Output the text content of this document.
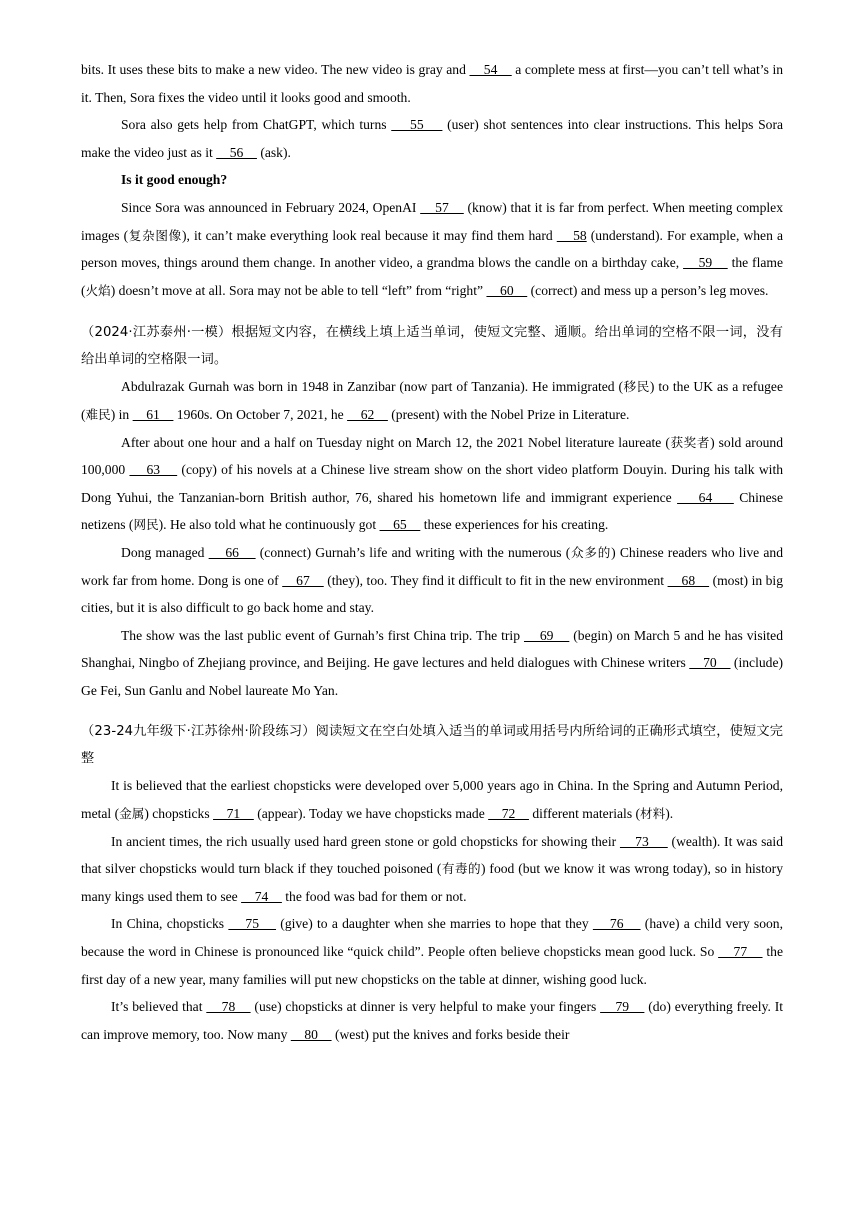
bits. It uses these bits to make a new video. The new video is gray and     54     a complete mess at first—you can’t tell what’s in it. Then, Sora fixes the video until it looks good and smooth.

Sora also gets help from ChatGPT, which turns     55     (user) shot sentences into clear instructions. This helps Sora make the video just as it     56     (ask).

Is it good enough?

Since Sora was announced in February 2024, OpenAI     57     (know) that it is far from perfect. When meeting complex images (复杂图像), it can’t make everything look real because it may find them hard     58 (understand). For example, when a person moves, things around them change. In another video, a grandma blows the candle on a birthday cake,     59     the flame (火焰) doesn’t move at all. Sora may not be able to tell “left” from “right”     60     (correct) and mess up a person’s leg moves.

（2024·江苏泰州·一模）根据短文内容，在横线上填上适当单词，使短文完整、通顺。给出单词的空格不限一词，没有给出单词的空格限一词。

Abdulrazak Gurnah was born in 1948 in Zanzibar (now part of Tanzania). He immigrated (移民) to the UK as a refugee (难民) in     61     1960s. On October 7, 2021, he     62     (present) with the Nobel Prize in Literature.

After about one hour and a half on Tuesday night on March 12, the 2021 Nobel literature laureate (获奖者) sold around 100,000     63     (copy) of his novels at a Chinese live stream show on the short video platform Douyin. During his talk with Dong Yuhui, the Tanzanian-born British author, 76, shared his hometown life and immigrant experience     64     Chinese netizens (网民). He also told what he continuously got     65     these experiences for his creating.

Dong managed     66     (connect) Gurnah’s life and writing with the numerous (众多的) Chinese readers who live and work far from home. Dong is one of     67     (they), too. They find it difficult to fit in the new environment     68     (most) in big cities, but it is also difficult to go back home and stay.

The show was the last public event of Gurnah’s first China trip. The trip     69     (begin) on March 5 and he has visited Shanghai, Ningbo of Zhejiang province, and Beijing. He gave lectures and held dialogues with Chinese writers     70     (include) Ge Fei, Sun Ganlu and Nobel laureate Mo Yan.

（23-24九年级下·江苏徐州·阶段练习）阅读短文在空白处填入适当的单词或用括号内所给词的正确形式填空，使短文完整

It is believed that the earliest chopsticks were developed over 5,000 years ago in China. In the Spring and Autumn Period, metal (金属) chopsticks     71     (appear). Today we have chopsticks made     72     different materials (材料).

In ancient times, the rich usually used hard green stone or gold chopsticks for showing their     73      (wealth). It was said that silver chopsticks would turn black if they touched poisoned (有毒的) food (but we know it was wrong today), so in history many kings used them to see     74     the food was bad for them or not.

In China, chopsticks     75     (give) to a daughter when she marries to hope that they     76     (have) a child very soon, because the word in Chinese is pronounced like “quick child”. People often believe chopsticks mean good luck. So     77     the first day of a new year, many families will put new chopsticks on the table at dinner, wishing good luck.

It’s believed that     78     (use) chopsticks at dinner is very helpful to make your fingers     79     (do) everything freely. It can improve memory, too. Now many     80     (west) put the knives and forks beside their
